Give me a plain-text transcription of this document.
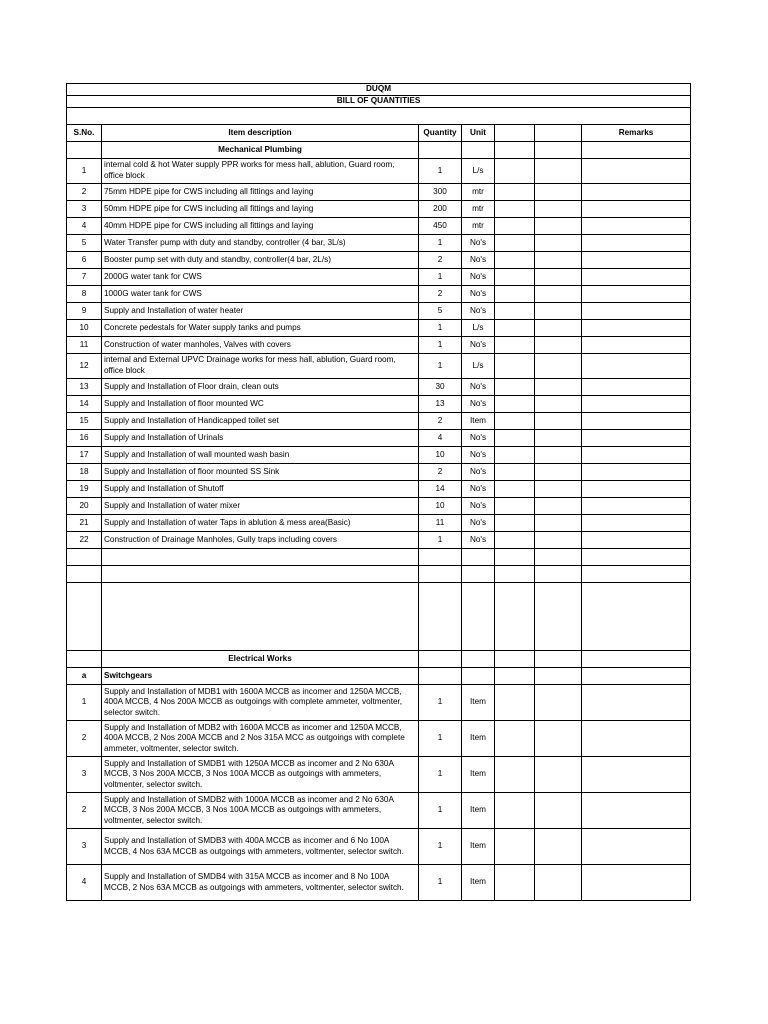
DUQM						
BILL OF QUANTITIES						

S.No.	Item description	Quantity	Unit			Remarks
	Mechanical Plumbing					
1	internal cold & hot Water supply PPR works for mess hall, ablution, Guard room, office block	1	L/s			
2	75mm HDPE pipe for CWS including all fittings and laying	300	mtr			
3	50mm HDPE pipe for CWS including all fittings and laying	200	mtr			
4	40mm HDPE pipe for CWS including all fittings and laying	450	mtr			
5	Water Transfer pump with duty and standby, controller (4 bar, 3L/s)	1	No's			
6	Booster pump set with duty and standby, controller(4 bar, 2L/s)	2	No's			
7	2000G water tank for CWS	1	No's			
8	1000G water tank for CWS	2	No's			
9	Supply and Installation of water heater	5	No's			
10	Concrete pedestals for Water supply tanks and pumps	1	L/s			
11	Construction of water manholes, Valves with covers	1	No's			
12	internal and External UPVC Drainage works for mess hall, ablution, Guard room, office block	1	L/s			
13	Supply and Installation of Floor drain, clean outs	30	No's			
14	Supply and Installation of floor mounted WC	13	No's			
15	Supply and Installation of Handicapped toilet set	2	Item			
16	Supply and Installation of Urinals	4	No's			
17	Supply and Installation of wall mounted wash basin	10	No's			
18	Supply and Installation of floor mounted SS Sink	2	No's			
19	Supply and Installation of Shutoff	14	No's			
20	Supply and Installation of water mixer	10	No's			
21	Supply and Installation of water Taps in ablution & mess area(Basic)	11	No's			
22	Construction of Drainage Manholes, Gully traps including covers	1	No's			

	Electrical Works					
a	Switchgears					
1	Supply and Installation of MDB1 with 1600A MCCB as incomer and 1250A MCCB, 400A MCCB, 4 Nos 200A MCCB as outgoings with complete ammeter, voltmenter, selector switch.	1	Item			
2	Supply and Installation of MDB2 with 1600A MCCB as incomer and 1250A MCCB, 400A MCCB, 2 Nos 200A MCCB and 2 Nos 315A MCC as outgoings with complete ammeter, voltmenter, selector switch.	1	Item			
3	Supply and Installation of SMDB1 with 1250A MCCB as incomer and 2 No 630A MCCB, 3 Nos 200A MCCB, 3 Nos 100A MCCB as outgoings with ammeters, voltmenter, selector switch.	1	Item			
2	Supply and Installation of SMDB2 with 1000A MCCB as incomer and 2 No 630A MCCB, 3 Nos 200A MCCB, 3 Nos 100A MCCB as outgoings with ammeters, voltmenter, selector switch.	1	Item			
3	Supply and Installation of SMDB3 with 400A MCCB as incomer and 6 No 100A MCCB, 4 Nos 63A MCCB as outgoings with ammeters, voltmenter, selector switch.	1	Item			
4	Supply and Installation of SMDB4 with 315A MCCB as incomer and 8 No 100A MCCB, 2 Nos 63A MCCB as outgoings with ammeters, voltmenter, selector switch.	1	Item			
